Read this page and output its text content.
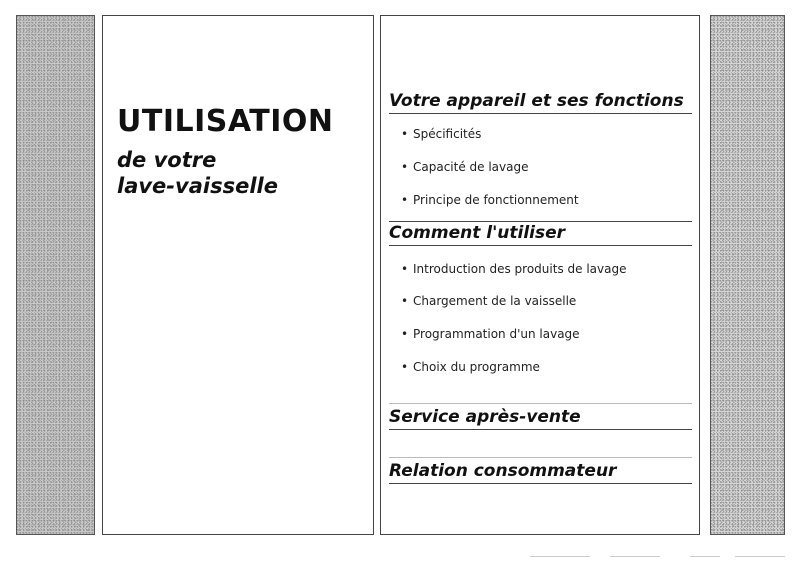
UTILISATION
de votre
lave-vaisselle
Votre appareil et ses fonctions
• Spécificités
• Capacité de lavage
• Principe de fonctionnement
Comment l'utiliser
• Introduction des produits de lavage
• Chargement de la vaisselle
• Programmation d'un lavage
• Choix du programme
Service après-vente
Relation consommateur
